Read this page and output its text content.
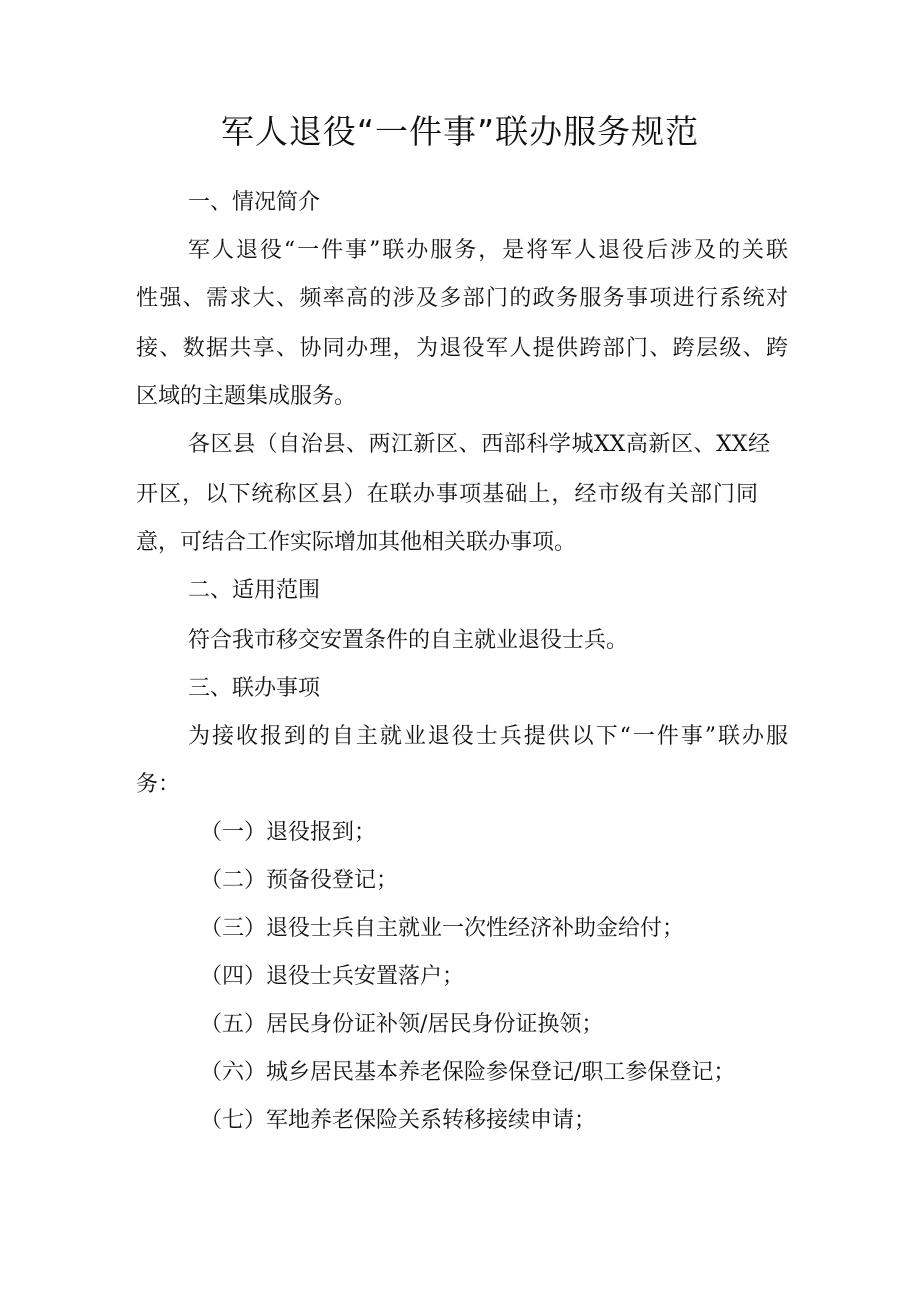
军人退役“一件事”联办服务规范
一、情况简介
军人退役“一件事”联办服务，是将军人退役后涉及的关联
性强、需求大、频率高的涉及多部门的政务服务事项进行系统对
接、数据共享、协同办理，为退役军人提供跨部门、跨层级、跨
区域的主题集成服务。
各区县（自治县、两江新区、西部科学城XX高新区、XX经
开区，以下统称区县）在联办事项基础上，经市级有关部门同
意，可结合工作实际增加其他相关联办事项。
二、适用范围
符合我市移交安置条件的自主就业退役士兵。
三、联办事项
为接收报到的自主就业退役士兵提供以下“一件事”联办服
务：
（一）退役报到；
（二）预备役登记；
（三）退役士兵自主就业一次性经济补助金给付；
（四）退役士兵安置落户；
（五）居民身份证补领/居民身份证换领；
（六）城乡居民基本养老保险参保登记/职工参保登记；
（七）军地养老保险关系转移接续申请；
